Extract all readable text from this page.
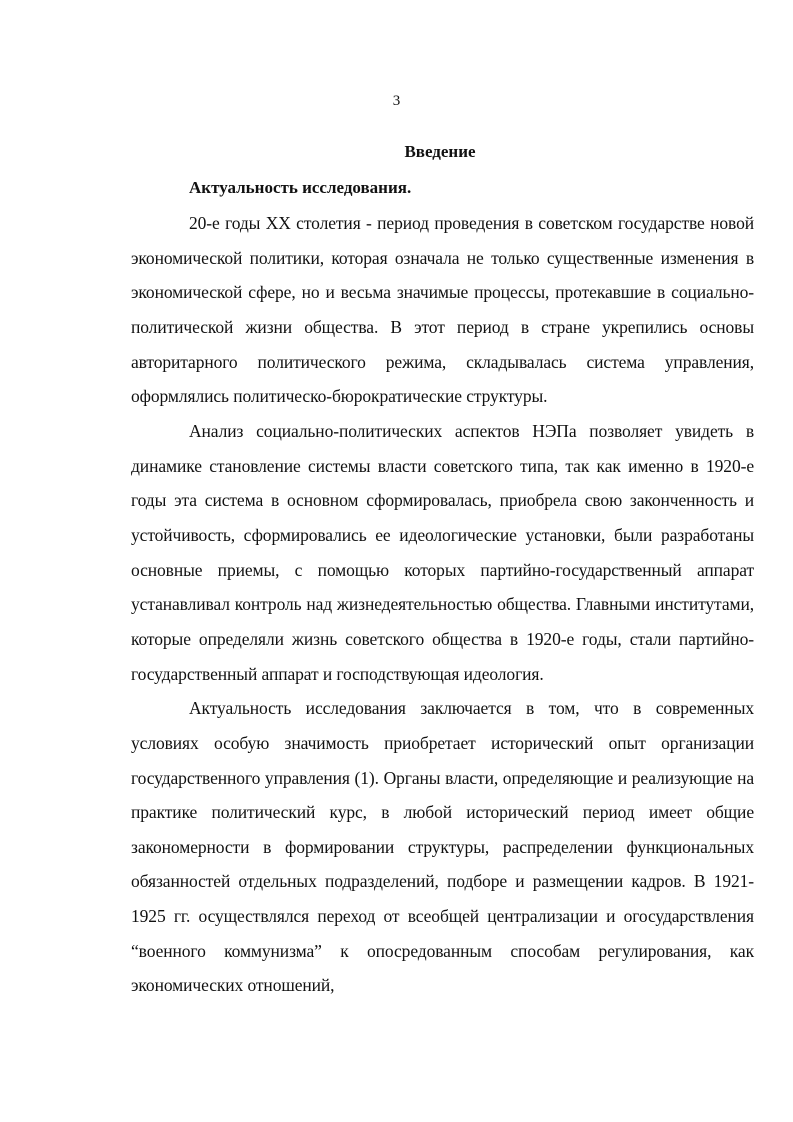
3
Введение
Актуальность исследования.

20-е годы XX столетия - период проведения в советском государстве новой экономической политики, которая означала не только существенные изменения в экономической сфере, но и весьма значимые процессы, протекавшие в социально-политической жизни общества. В этот период в стране укрепились основы авторитарного политического режима, складывалась система управления, оформлялись политическо-бюрократические структуры.

Анализ социально-политических аспектов НЭПа позволяет увидеть в динамике становление системы власти советского типа, так как именно в 1920-е годы эта система в основном сформировалась, приобрела свою законченность и устойчивость, сформировались ее идеологические установки, были разработаны основные приемы, с помощью которых партийно-государственный аппарат устанавливал контроль над жизнедеятельностью общества. Главными институтами, которые определяли жизнь советского общества в 1920-е годы, стали партийно-государственный аппарат и господствующая идеология.

Актуальность исследования заключается в том, что в современных условиях особую значимость приобретает исторический опыт организации государственного управления (1). Органы власти, определяющие и реализующие на практике политический курс, в любой исторический период имеет общие закономерности в формировании структуры, распределении функциональных обязанностей отдельных подразделений, подборе и размещении кадров. В 1921-1925 гг. осуществлялся переход от всеобщей централизации и огосударствления “военного коммунизма” к опосредованным способам регулирования, как экономических отношений,
